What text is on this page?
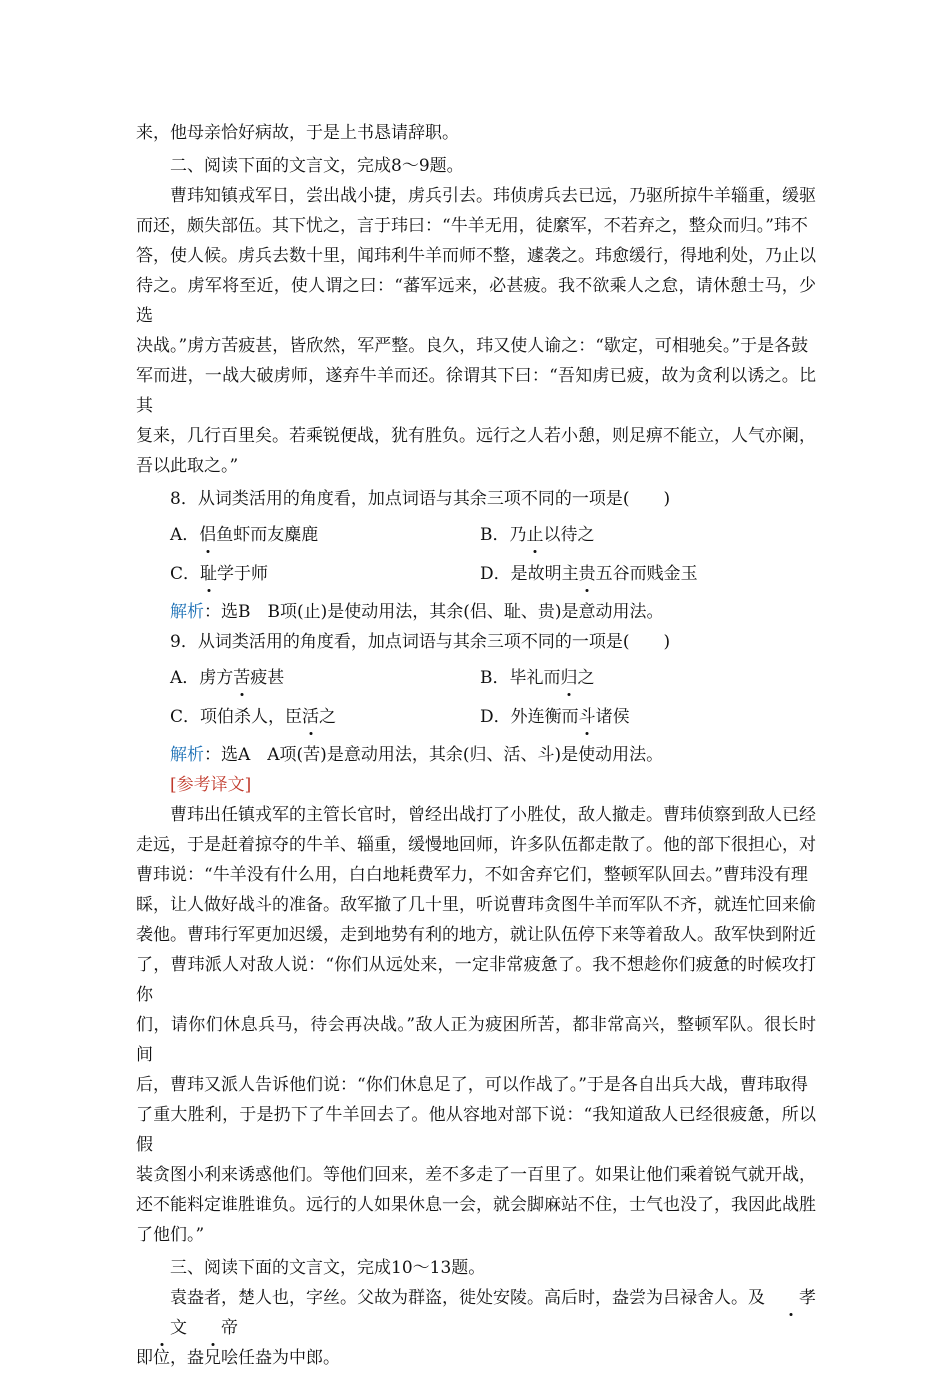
来，他母亲恰好病故，于是上书恳请辞职。

二、阅读下面的文言文，完成8～9题。

曹玮知镇戎军日，尝出战小捷，虏兵引去。玮侦虏兵去已远，乃驱所掠牛羊辎重，缓驱

而还，颇失部伍。其下忧之，言于玮曰：“牛羊无用，徒縻军，不若弃之，整众而归。”玮不

答，使人候。虏兵去数十里，闻玮利牛羊而师不整，遽袭之。玮愈缓行，得地利处，乃止以

待之。虏军将至近，使人谓之曰：“蕃军远来，必甚疲。我不欲乘人之怠，请休憩士马，少选

决战。”虏方苦疲甚，皆欣然，军严整。良久，玮又使人谕之：“歇定，可相驰矣。”于是各鼓

军而进，一战大破虏师，遂弃牛羊而还。徐谓其下曰：“吾知虏已疲，故为贪利以诱之。比其

复来，几行百里矣。若乘锐便战，犹有胜负。远行之人若小憩，则足痹不能立，人气亦阑，

吾以此取之。”

8．从词类活用的角度看，加点词语与其余三项不同的一项是(　　)

A．侣鱼虾而友麋鹿	B．乃止以待之
C．耻学于师	D．是故明主贵五谷而贱金玉

解析：选B　B项(止)是使动用法，其余(侣、耻、贵)是意动用法。

9．从词类活用的角度看，加点词语与其余三项不同的一项是(　　)

A．虏方苦疲甚	B．毕礼而归之
C．项伯杀人，臣活之	D．外连衡而斗诸侯

解析：选A　A项(苦)是意动用法，其余(归、活、斗)是使动用法。

[参考译文]

曹玮出任镇戎军的主管长官时，曾经出战打了小胜仗，敌人撤走。曹玮侦察到敌人已经

走远，于是赶着掠夺的牛羊、辎重，缓慢地回师，许多队伍都走散了。他的部下很担心，对

曹玮说：“牛羊没有什么用，白白地耗费军力，不如舍弃它们，整顿军队回去。”曹玮没有理

睬，让人做好战斗的准备。敌军撤了几十里，听说曹玮贪图牛羊而军队不齐，就连忙回来偷

袭他。曹玮行军更加迟缓，走到地势有利的地方，就让队伍停下来等着敌人。敌军快到附近

了，曹玮派人对敌人说：“你们从远处来，一定非常疲惫了。我不想趁你们疲惫的时候攻打你

们，请你们休息兵马，待会再决战。”敌人正为疲困所苦，都非常高兴，整顿军队。很长时间

后，曹玮又派人告诉他们说：“你们休息足了，可以作战了。”于是各自出兵大战，曹玮取得

了重大胜利，于是扔下了牛羊回去了。他从容地对部下说：“我知道敌人已经很疲惫，所以假

装贪图小利来诱惑他们。等他们回来，差不多走了一百里了。如果让他们乘着锐气就开战，

还不能料定谁胜谁负。远行的人如果休息一会，就会脚麻站不住，士气也没了，我因此战胜

了他们。”

三、阅读下面的文言文，完成10～13题。

袁盎者，楚人也，字丝。父故为群盗，徙处安陵。高后时，盎尝为吕禄舍人。及 孝文 帝

即位，盎兄哙任盎为中郎。
